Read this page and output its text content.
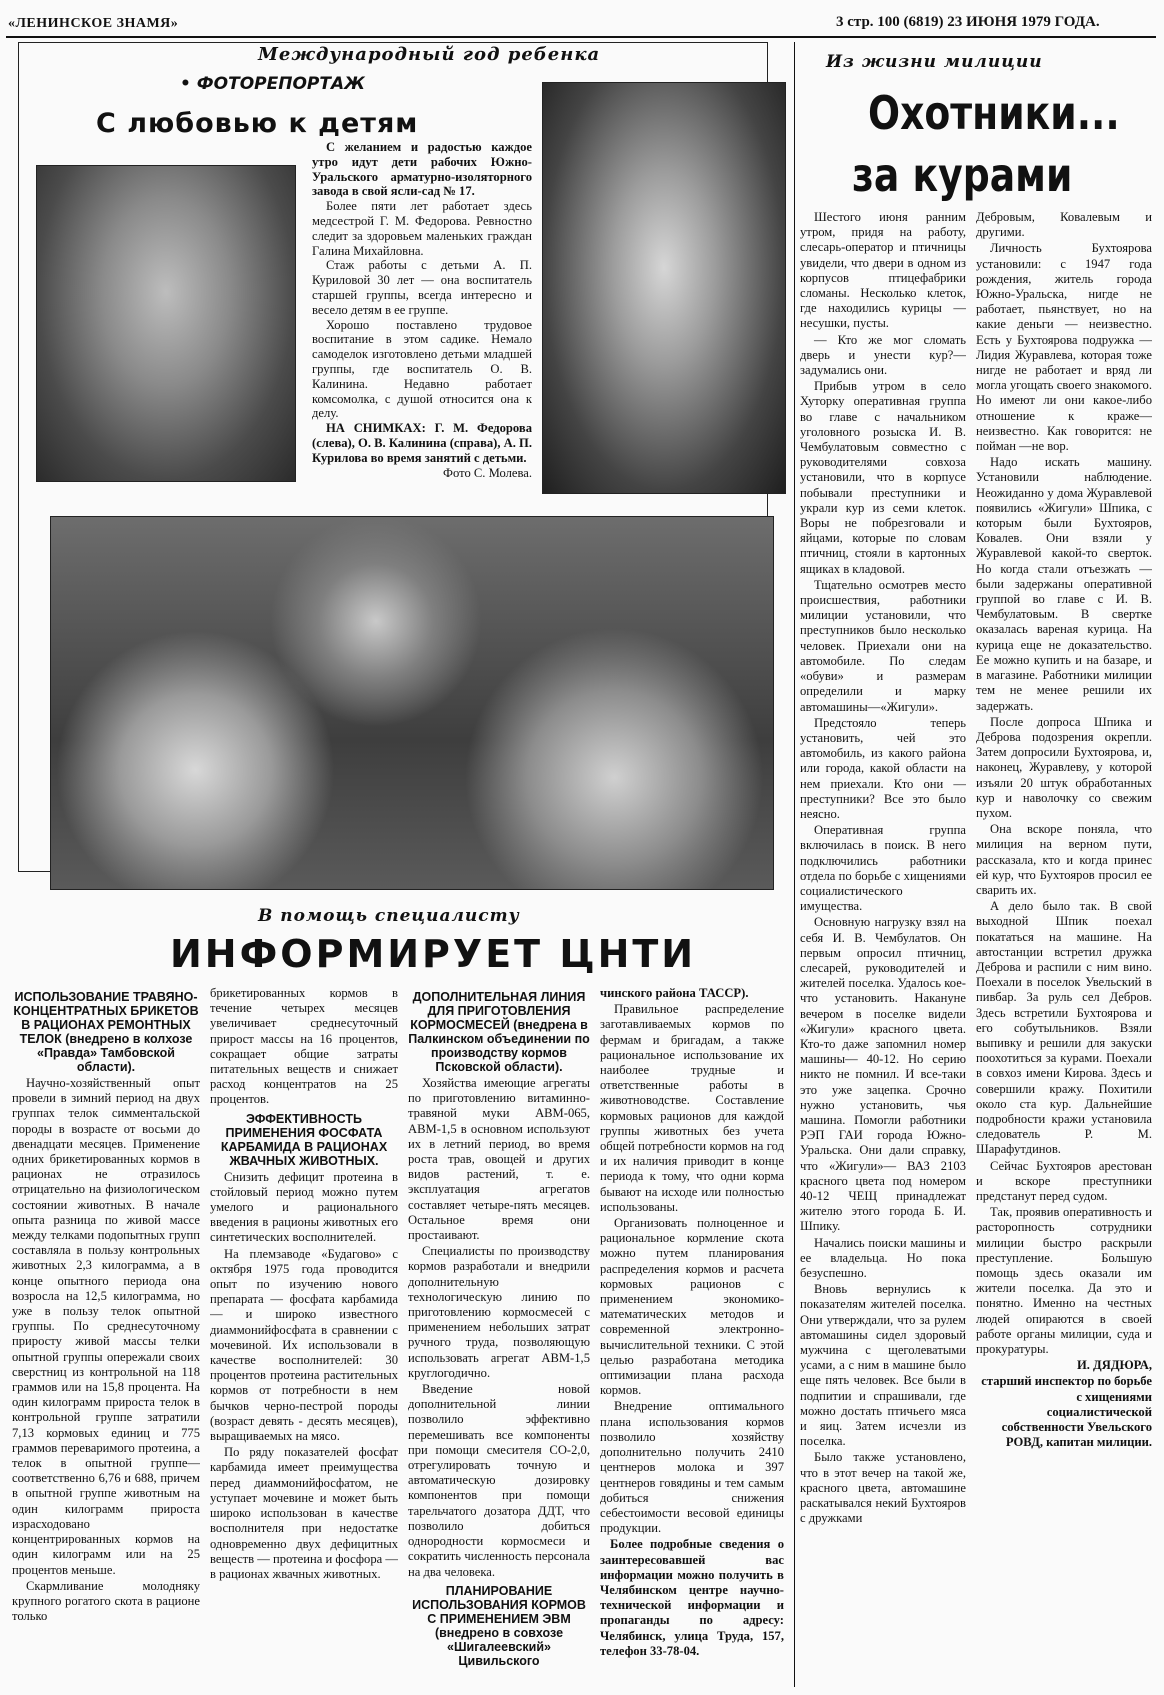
«ЛЕНИНСКОЕ ЗНАМЯ»	3 стр. 100 (6819) 23 ИЮНЯ 1979 ГОДА.
Международный год ребенка
• ФОТОРЕПОРТАЖ
С любовью к детям

С желанием и радостью каждое утро идут дети рабочих Южно-Уральского арматурно-изоляторного завода в свой ясли-сад № 17.

Более пяти лет работает здесь медсестрой Г. М. Федорова. Ревностно следит за здоровьем маленьких граждан Галина Михайловна.

Стаж работы с детьми А. П. Куриловой 30 лет — она воспитатель старшей группы, всегда интересно и весело детям в ее группе.

Хорошо поставлено трудовое воспитание в этом садике. Немало самоделок изготовлено детьми младшей группы, где воспитатель О. В. Калинина. Недавно работает комсомолка, с душой относится она к делу.

НА СНИМКАХ: Г. М. Федорова (слева), О. В. Калинина (справа), А. П. Курилова во время занятий с детьми.

Фото С. Молева.

В помощь специалисту
ИНФОРМИРУЕТ ЦНТИ

ИСПОЛЬЗОВАНИЕ ТРАВЯНО-КОНЦЕНТРАТНЫХ БРИКЕТОВ В РАЦИОНАХ РЕМОНТНЫХ ТЕЛОК (внедрено в колхозе «Правда» Тамбовской области).

Научно-хозяйственный опыт провели в зимний период на двух группах телок симментальской породы в возрасте от восьми до двенадцати месяцев. Применение одних брикетированных кормов в рационах не отразилось отрицательно на физиологическом состоянии животных. В начале опыта разница по живой массе между телками подопытных групп составляла в пользу контрольных животных 2,3 килограмма, а в конце опытного периода она возросла на 12,5 килограмма, но уже в пользу телок опытной группы. По среднесуточному приросту живой массы телки опытной группы опережали своих сверстниц из контрольной на 118 граммов или на 15,8 процента. На один килограмм прироста телок в контрольной группе затратили 7,13 кормовых единиц и 775 граммов переваримого протеина, а телок в опытной группе— соответственно 6,76 и 688, причем в опытной группе животным на один килограмм прироста израсходовано концентрированных кормов на один килограмм или на 25 процентов меньше.

Скармливание молодняку крупного рогатого скота в рационе только

брикетированных кормов в течение четырех месяцев увеличивает среднесуточный прирост массы на 16 процентов, сокращает общие затраты питательных веществ и снижает расход концентратов на 25 процентов.

ЭФФЕКТИВНОСТЬ ПРИМЕНЕНИЯ ФОСФАТА КАРБАМИДА В РАЦИОНАХ ЖВАЧНЫХ ЖИВОТНЫХ.

Снизить дефицит протеина в стойловый период можно путем умелого и рационального введения в рационы животных его синтетических восполнителей.

На племзаводе «Будагово» с октября 1975 года проводится опыт по изучению нового препарата — фосфата карбамида — и широко известного диаммонийфосфата в сравнении с мочевиной. Их использовали в качестве восполнителей: 30 процентов протеина растительных кормов от потребности в нем бычков черно-пестрой породы (возраст девять - десять месяцев), выращиваемых на мясо.

По ряду показателей фосфат карбамида имеет преимущества перед диаммонийфосфатом, не уступает мочевине и может быть широко использован в качестве восполнителя при недостатке одновременно двух дефицитных веществ — протеина и фосфора — в рационах жвачных животных.

ДОПОЛНИТЕЛЬНАЯ ЛИНИЯ ДЛЯ ПРИГОТОВЛЕНИЯ КОРМОСМЕСЕЙ (внедрена в Палкинском объединении по производству кормов Псковской области).

Хозяйства имеющие агрегаты по приготовлению витаминно-травяной муки АВМ-065, АВМ-1,5 в основном используют их в летний период, во время роста трав, овощей и других видов растений, т. е. эксплуатация агрегатов составляет четыре-пять месяцев. Остальное время они простаивают.

Специалисты по производству кормов разработали и внедрили дополнительную технологическую линию по приготовлению кормосмесей с применением небольших затрат ручного труда, позволяющую использовать агрегат АВМ-1,5 круглогодично.

Введение новой дополнительной линии позволило эффективно перемешивать все компоненты при помощи смесителя СО-2,0, отрегулировать точную и автоматическую дозировку компонентов при помощи тарельчатого дозатора ДДТ, что позволило добиться однородности кормосмеси и сократить численность персонала на два человека.

ПЛАНИРОВАНИЕ ИСПОЛЬЗОВАНИЯ КОРМОВ С ПРИМЕНЕНИЕМ ЭВМ (внедрено в совхозе «Шигалеевский» Цивильского

чинского района ТАССР).

Правильное распределение заготавливаемых кормов по фермам и бригадам, а также рациональное использование их наиболее трудные и ответственные работы в животноводстве. Составление кормовых рационов для каждой группы животных без учета общей потребности кормов на год и их наличия приводит в конце периода к тому, что одни корма бывают на исходе или полностью использованы.

Организовать полноценное и рациональное кормление скота можно путем планирования распределения кормов и расчета кормовых рационов с применением экономико-математических методов и современной электронно-вычислительной техники. С этой целью разработана методика оптимизации плана расхода кормов.

Внедрение оптимального плана использования кормов позволило хозяйству дополнительно получить 2410 центнеров молока и 397 центнеров говядины и тем самым добиться снижения себестоимости весовой единицы продукции.

Более подробные сведения о заинтересовавшей вас информации можно получить в Челябинском центре научно-технической информации и пропаганды по адресу: Челябинск, улица Труда, 157, телефон 33-78-04.

Из жизни милиции
Охотники...
за курами

Шестого июня ранним утром, придя на работу, слесарь-оператор и птичницы увидели, что двери в одном из корпусов птицефабрики сломаны. Несколько клеток, где находились курицы — несушки, пусты.

— Кто же мог сломать дверь и унести кур?—задумались они.

Прибыв утром в село Хуторку оперативная группа во главе с начальником уголовного розыска И. В. Чембулатовым совместно с руководителями совхоза установили, что в корпусе побывали преступники и украли кур из семи клеток. Воры не побрезговали и яйцами, которые по словам птичниц, стояли в картонных ящиках в кладовой.

Тщательно осмотрев место происшествия, работники милиции установили, что преступников было несколько человек. Приехали они на автомобиле. По следам «обуви» и размерам определили и марку автомашины—«Жигули».

Предстояло теперь установить, чей это автомобиль, из какого района или города, какой области на нем приехали. Кто они — преступники? Все это было неясно.

Оперативная группа включилась в поиск. В него подключились работники отдела по борьбе с хищениями социалистического имущества.

Основную нагрузку взял на себя И. В. Чембулатов. Он первым опросил птичниц, слесарей, руководителей и жителей поселка. Удалось кое-что установить. Накануне вечером в поселке видели «Жигули» красного цвета. Кто-то даже запомнил номер машины— 40-12. Но серию никто не помнил. И все-таки это уже зацепка. Срочно нужно установить, чья машина. Помогли работники РЭП ГАИ города Южно-Уральска. Они дали справку, что «Жигули»— ВАЗ 2103 красного цвета под номером 40-12 ЧЕЩ принадлежат жителю этого города Б. И. Шпику.

Начались поиски машины и ее владельца. Но пока безуспешно.

Вновь вернулись к показателям жителей поселка. Они утверждали, что за рулем автомашины сидел здоровый мужчина с щеголеватыми усами, а с ним в машине было еще пять человек. Все были в подпитии и спрашивали, где можно достать птичьего мяса и яиц. Затем исчезли из поселка.

Было также установлено, что в этот вечер на такой же, красного цвета, автомашине раскатывался некий Бухтояров с дружками

Дебровым, Ковалевым и другими.

Личность Бухтоярова установили: с 1947 года рождения, житель города Южно-Уральска, нигде не работает, пьянствует, но на какие деньги — неизвестно. Есть у Бухтоярова подружка — Лидия Журавлева, которая тоже нигде не работает и вряд ли могла угощать своего знакомого. Но имеют ли они какое-либо отношение к краже—неизвестно. Как говорится: не пойман —не вор.

Надо искать машину. Установили наблюдение. Неожиданно у дома Журавлевой появились «Жигули» Шпика, с которым были Бухтояров, Ковалев. Они взяли у Журавлевой какой-то сверток. Но когда стали отъезжать —были задержаны оперативной группой во главе с И. В. Чембулатовым. В свертке оказалась вареная курица. На курица еще не доказательство. Ее можно купить и на базаре, и в магазине. Работники милиции тем не менее решили их задержать.

После допроса Шпика и Деброва подозрения окрепли. Затем допросили Бухтоярова, и, наконец, Журавлеву, у которой изъяли 20 штук обработанных кур и наволочку со свежим пухом.

Она вскоре поняла, что милиция на верном пути, рассказала, кто и когда принес ей кур, что Бухтояров просил ее сварить их.

А дело было так. В свой выходной Шпик поехал покататься на машине. На автостанции встретил дружка Деброва и распили с ним вино. Поехали в поселок Увельский в пивбар. За руль сел Дебров. Здесь встретили Бухтоярова и его собутыльников. Взяли выпивку и решили для закуски поохотиться за курами. Поехали в совхоз имени Кирова. Здесь и совершили кражу. Похитили около ста кур. Дальнейшие подробности кражи установила следователь Р. М. Шарафутдинов.

Сейчас Бухтояров арестован и вскоре преступники предстанут перед судом.

Так, проявив оперативность и расторопность сотрудники милиции быстро раскрыли преступление. Большую помощь здесь оказали им жители поселка. Да это и понятно. Именно на честных людей опираются в своей работе органы милиции, суда и прокуратуры.

И. ДЯДЮРА,

старший инспектор по борьбе с хищениями социалистической собственности Увельского РОВД, капитан милиции.
